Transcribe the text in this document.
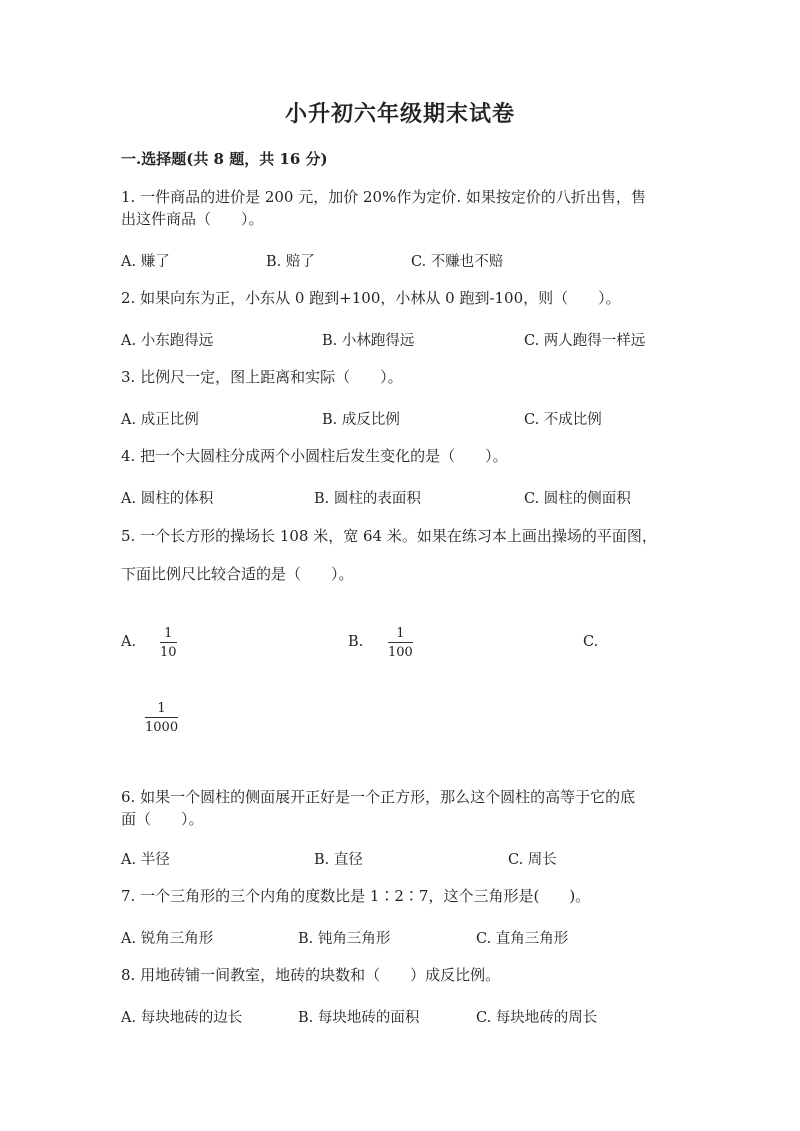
小升初六年级期末试卷
一.选择题(共 8 题，共 16 分)
1. 一件商品的进价是 200 元，加价 20%作为定价. 如果按定价的八折出售，售
出这件商品（　　）。
A. 赚了	B. 赔了	C. 不赚也不赔
2. 如果向东为正，小东从 0 跑到+100，小林从 0 跑到-100，则（　　）。
A. 小东跑得远	B. 小林跑得远	C. 两人跑得一样远
3. 比例尺一定，图上距离和实际（　　）。
A. 成正比例	B. 成反比例	C. 不成比例
4. 把一个大圆柱分成两个小圆柱后发生变化的是（　　）。
A. 圆柱的体积	B. 圆柱的表面积	C. 圆柱的侧面积
5. 一个长方形的操场长 108 米，宽 64 米。如果在练习本上画出操场的平面图，
下面比例尺比较合适的是（　　）。
A.
1
10
B.
1
100
C.
1
1000
6. 如果一个圆柱的侧面展开正好是一个正方形，那么这个圆柱的高等于它的底
面（　　）。
A. 半径	B. 直径	C. 周长
7. 一个三角形的三个内角的度数比是 1∶2∶7，这个三角形是(　　)。
A. 锐角三角形	B. 钝角三角形	C. 直角三角形
8. 用地砖铺一间教室，地砖的块数和（　　）成反比例。
A. 每块地砖的边长	B. 每块地砖的面积	C. 每块地砖的周长
